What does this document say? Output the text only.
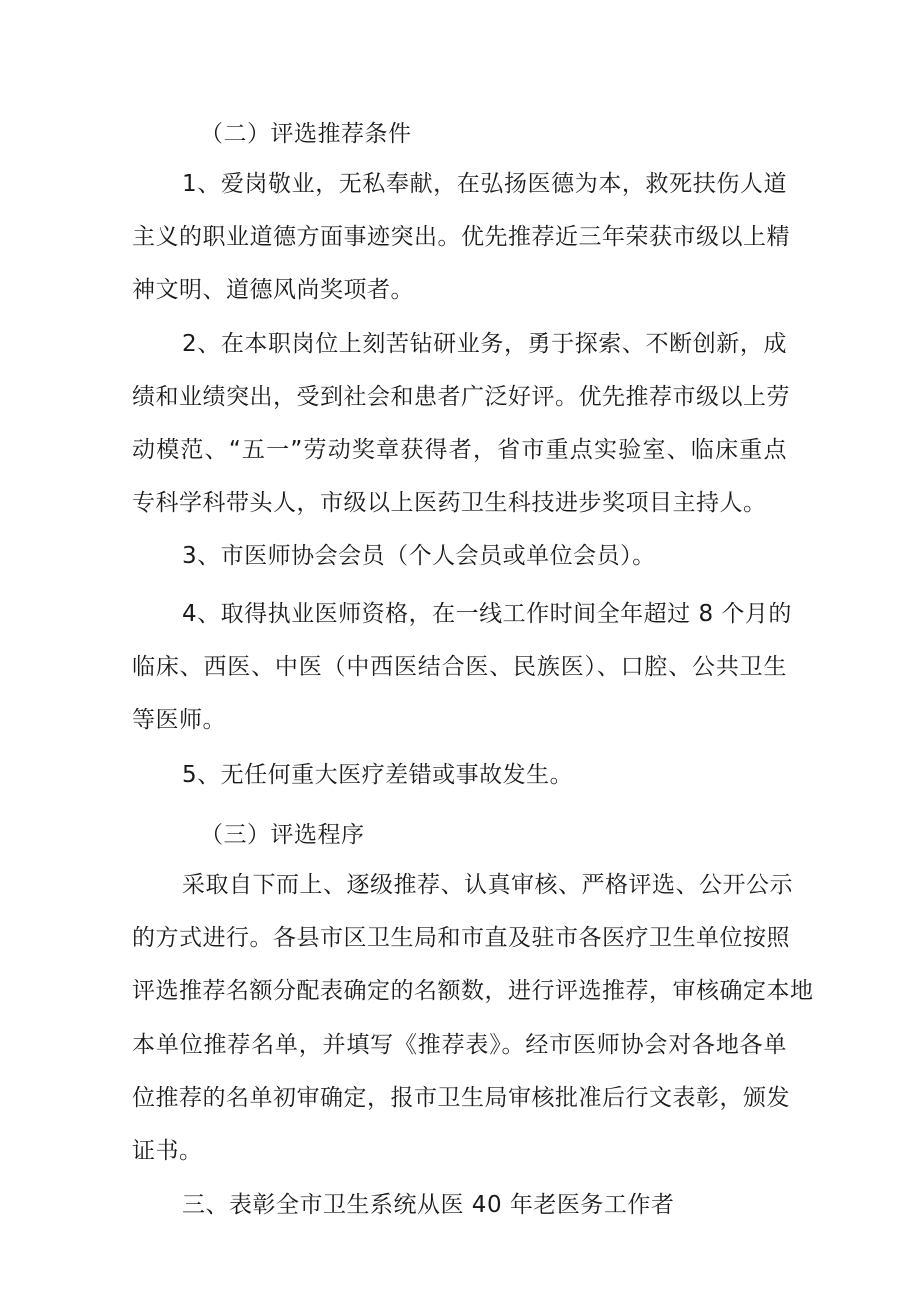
（二）评选推荐条件
1、爱岗敬业，无私奉献，在弘扬医德为本，救死扶伤人道
主义的职业道德方面事迹突出。优先推荐近三年荣获市级以上精
神文明、道德风尚奖项者。
2、在本职岗位上刻苦钻研业务，勇于探索、不断创新，成
绩和业绩突出，受到社会和患者广泛好评。优先推荐市级以上劳
动模范、“五一”劳动奖章获得者，省市重点实验室、临床重点
专科学科带头人，市级以上医药卫生科技进步奖项目主持人。
3、市医师协会会员（个人会员或单位会员）。
4、取得执业医师资格，在一线工作时间全年超过 8 个月的
临床、西医、中医（中西医结合医、民族医）、口腔、公共卫生
等医师。
5、无任何重大医疗差错或事故发生。
（三）评选程序
采取自下而上、逐级推荐、认真审核、严格评选、公开公示
的方式进行。各县市区卫生局和市直及驻市各医疗卫生单位按照
评选推荐名额分配表确定的名额数，进行评选推荐，审核确定本地
本单位推荐名单，并填写《推荐表》。经市医师协会对各地各单
位推荐的名单初审确定，报市卫生局审核批准后行文表彰，颁发
证书。
三、表彰全市卫生系统从医 40 年老医务工作者
